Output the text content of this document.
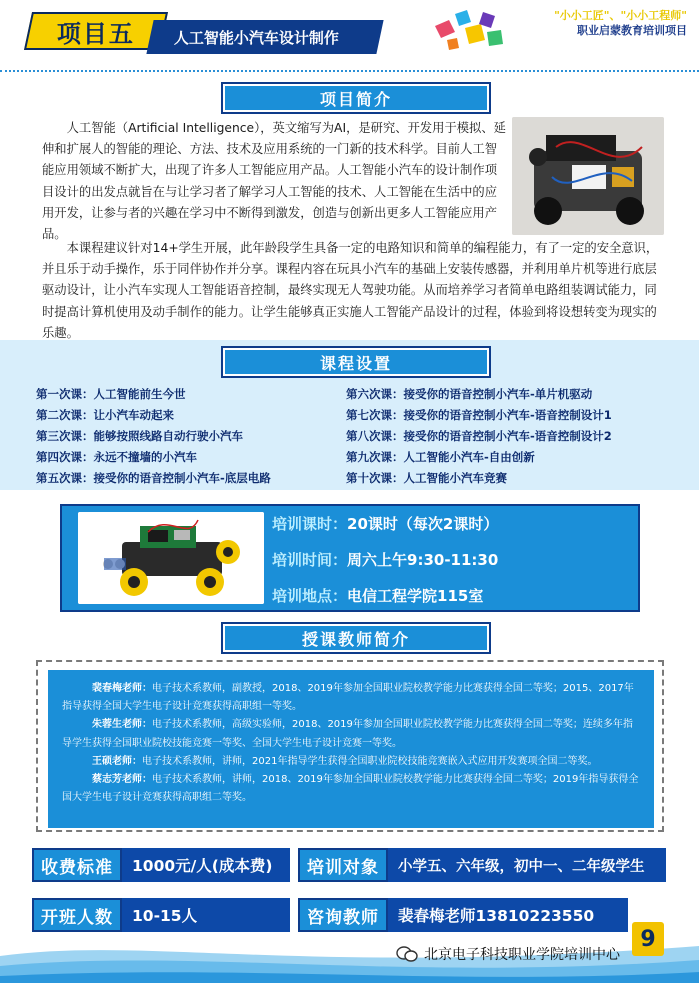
项目五	人工智能小汽车设计制作
"小小工匠"、"小小工程师"
职业启蒙教育培训项目
项目简介

人工智能（Artificial Intelligence），英文缩写为AI，是研究、开发用于模拟、延伸和扩展人的智能的理论、方法、技术及应用系统的一门新的技术科学。目前人工智能应用领域不断扩大，出现了许多人工智能应用产品。人工智能小汽车的设计制作项目设计的出发点就旨在与让学习者了解学习人工智能的技术、人工智能在生活中的应用开发，让参与者的兴趣在学习中不断得到激发，创造与创新出更多人工智能应用产品。

本课程建议针对14+学生开展，此年龄段学生具备一定的电路知识和简单的编程能力，有了一定的安全意识，并且乐于动手操作，乐于同伴协作并分享。课程内容在玩具小汽车的基础上安装传感器，并利用单片机等进行底层驱动设计，让小汽车实现人工智能语音控制，最终实现无人驾驶功能。从而培养学习者简单电路组装调试能力，同时提高计算机使用及动手制作的能力。让学生能够真正实施人工智能产品设计的过程，体验到将设想转变为现实的乐趣。

课程设置
第一次课：人工智能前生今世
第二次课：让小汽车动起来
第三次课：能够按照线路自动行驶小汽车
第四次课：永远不撞墙的小汽车
第五次课：接受你的语音控制小汽车-底层电路
第六次课：接受你的语音控制小汽车-单片机驱动
第七次课：接受你的语音控制小汽车-语音控制设计1
第八次课：接受你的语音控制小汽车-语音控制设计2
第九次课：人工智能小汽车-自由创新
第十次课：人工智能小汽车竞赛
培训课时： 20课时（每次2课时）
培训时间： 周六上午9:30-11:30
培训地点： 电信工程学院115室
授课教师简介

裴春梅老师：电子技术系教师，副教授，2018、2019年参加全国职业院校教学能力比赛获得全国二等奖；2015、2017年指导获得全国大学生电子设计竞赛获得高职组一等奖。

朱蓉生老师：电子技术系教师，高级实验师，2018、2019年参加全国职业院校教学能力比赛获得全国二等奖；连续多年指导学生获得全国职业院校技能竞赛一等奖、全国大学生电子设计竞赛一等奖。

王硕老师：电子技术系教师，讲师，2021年指导学生获得全国职业院校技能竞赛嵌入式应用开发赛项全国二等奖。

蔡志芳老师：电子技术系教师，讲师，2018、2019年参加全国职业院校教学能力比赛获得全国二等奖；2019年指导获得全国大学生电子设计竞赛获得高职组二等奖。

收费标准	1000元/人(成本费)	培训对象	小学五、六年级，初中一、二年级学生
开班人数	10-15人	咨询教师	裴春梅老师13810223550
9
北京电子科技职业学院培训中心
